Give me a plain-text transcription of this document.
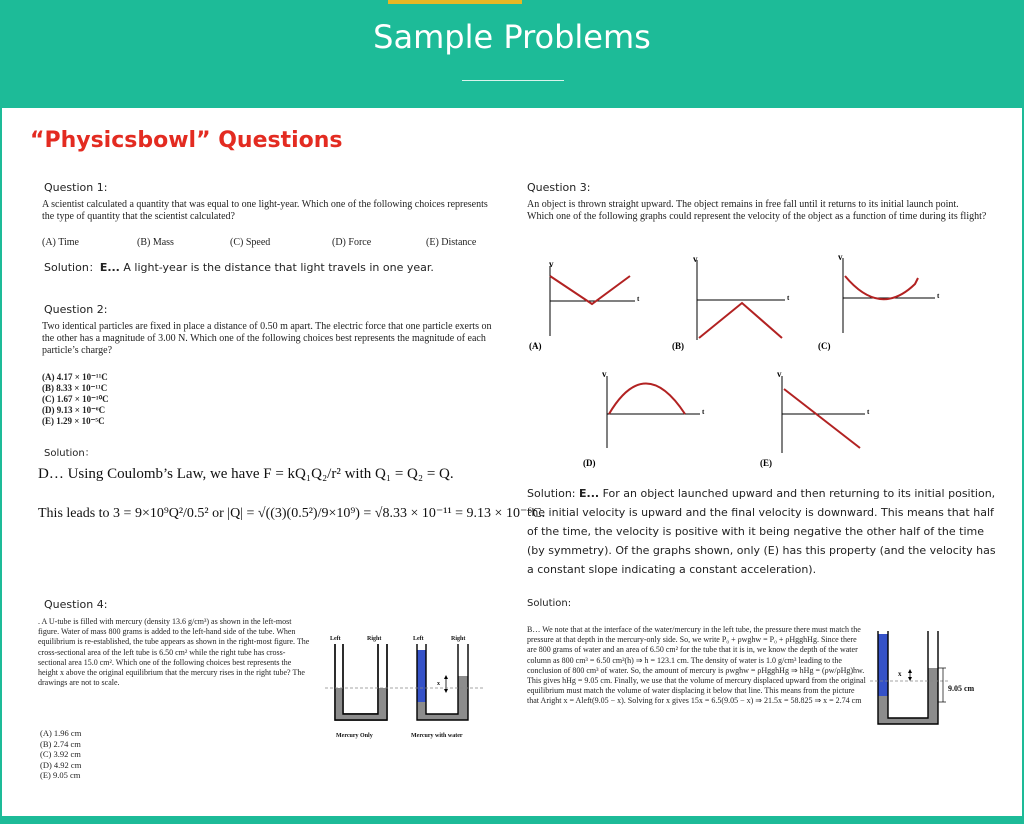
Sample Problems
“Physicsbowl” Questions
Question 1:
A scientist calculated a quantity that was equal to one light-year. Which one of the following choices represents the type of quantity that the scientist calculated?
(A) Time	(B) Mass	(C) Speed	(D) Force	(E) Distance
Solution：E... A light-year is the distance that light travels in one year.
Question 2:
Two identical particles are fixed in place a distance of 0.50 m apart. The electric force that one particle exerts on the other has a magnitude of 3.00 N. Which one of the following choices best represents the magnitude of each particle’s charge?
(A) 4.17 × 10⁻¹¹C
(B) 8.33 × 10⁻¹¹C
(C) 1.67 × 10⁻¹⁰C
(D) 9.13 × 10⁻⁶C
(E) 1.29 × 10⁻⁵C
Solution：
D… Using Coulomb’s Law, we have F = kQ₁Q₂/r² with Q₁ = Q₂ = Q.
This leads to 3 = 9×10⁹Q²/0.5² or |Q| = √((3)(0.5²)/9×10⁹) = √8.33 × 10⁻¹¹ = 9.13 × 10⁻⁶C.
Question 3:
An object is thrown straight upward. The object remains in free fall until it returns to its initial launch point. Which one of the following graphs could represent the velocity of the object as a function of time during its flight?
v	v	v
v	v
t	t	t
t	t
(A)	(B)	(C)
(D)	(E)
Solution: E... For an object launched upward and then returning to its initial position, the initial velocity is upward and the final velocity is downward. This means that half of the time, the velocity is positive with it being negative the other half of the time (by symmetry). Of the graphs shown, only (E) has this property (and the velocity has a constant slope indicating a constant acceleration).
Question 4:
. A U-tube is filled with mercury (density 13.6 g/cm³) as shown in the left-most figure. Water of mass 800 grams is added to the left-hand side of the tube. When equilibrium is re-established, the tube appears as shown in the right-most figure. The cross-sectional area of the left tube is 6.50 cm² while the right tube has cross-sectional area 15.0 cm². Which one of the following choices best represents the height x above the original equilibrium that the mercury rises in the right tube? The drawings are not to scale.
(A) 1.96 cm
(B) 2.74 cm
(C) 3.92 cm
(D) 4.92 cm
(E) 9.05 cm
Left	Right	Left	Right
x
Mercury Only	Mercury with water
Solution:
B… We note that at the interface of the water/mercury in the left tube, the pressure there must match the pressure at that depth in the mercury-only side. So, we write P₀ + ρwghw = P₀ + ρHgghHg. Since there are 800 grams of water and an area of 6.50 cm² for the tube that it is in, we know the depth of the water column as 800 cm³ = 6.50 cm²(h) ⇒ h = 123.1 cm. The density of water is 1.0 g/cm³ leading to the conclusion of 800 cm³ of water. So, the amount of mercury is ρwghw = ρHgghHg ⇒ hHg = (ρw/ρHg)hw. This gives hHg = 9.05 cm. Finally, we use that the volume of mercury displaced upward from the original equilibrium must match the volume of water displacing it below that line. This means from the picture that Aright x = Aleft(9.05 − x). Solving for x gives 15x = 6.5(9.05 − x) ⇒ 21.5x = 58.825 ⇒ x = 2.74 cm
x
9.05 cm
